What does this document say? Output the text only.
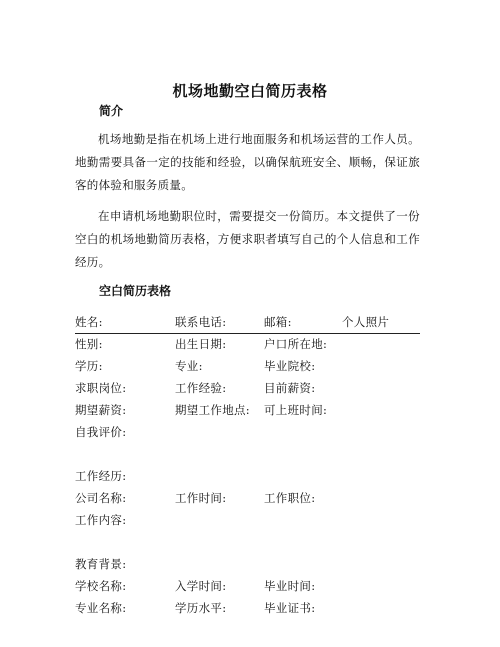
机场地勤空白简历表格
简介
机场地勤是指在机场上进行地面服务和机场运营的工作人员。地勤需要具备一定的技能和经验，以确保航班安全、顺畅，保证旅客的体验和服务质量。
在申请机场地勤职位时，需要提交一份简历。本文提供了一份空白的机场地勤简历表格，方便求职者填写自己的个人信息和工作经历。
空白简历表格
姓名:	联系电话:	邮箱:	个人照片
性别:	出生日期:	户口所在地:
学历:	专业:	毕业院校:
求职岗位:	工作经验:	目前薪资:
期望薪资:	期望工作地点: 可上班时间:
自我评价:
工作经历:
公司名称:	工作时间:	工作职位:
工作内容:
教育背景:
学校名称:	入学时间:	毕业时间:
专业名称:	学历水平:	毕业证书:
